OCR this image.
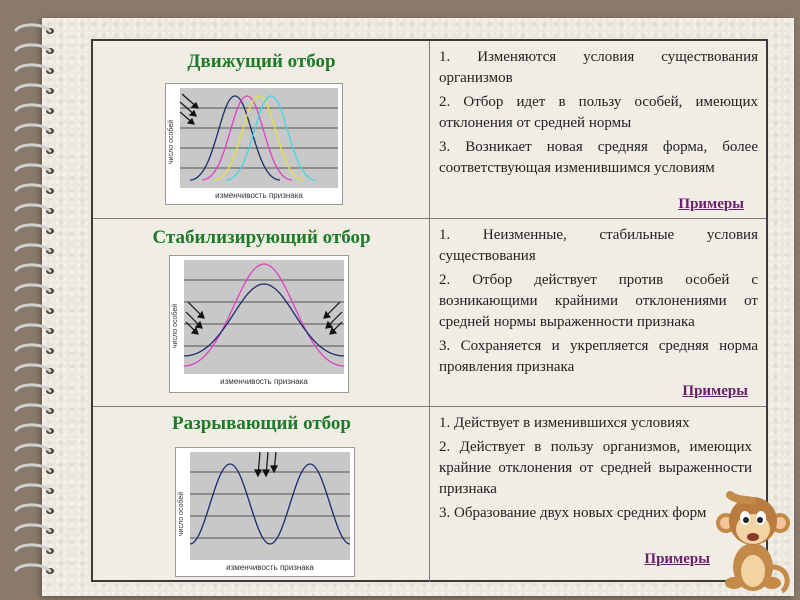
Движущий отбор
изменчивость признака
число особей
1. Изменяются условия существования организмов
2. Отбор идет в пользу особей, имеющих отклонения от средней нормы
3. Возникает новая средняя форма, более соответствующая изменившимся условиям
Примеры
Стабилизирующий отбор
изменчивость признака
число особей
1. Неизменные, стабильные условия существования
2. Отбор действует против особей с возникающими крайними отклонениями от средней нормы выраженности признака
3. Сохраняется и укрепляется средняя норма проявления признака
Примеры
Разрывающий отбор
изменчивость признака
число особей
1. Действует в изменившихся условиях
2. Действует в пользу организмов, имеющих крайние отклонения от средней выраженности признака
3. Образование двух новых средних форм
Примеры
